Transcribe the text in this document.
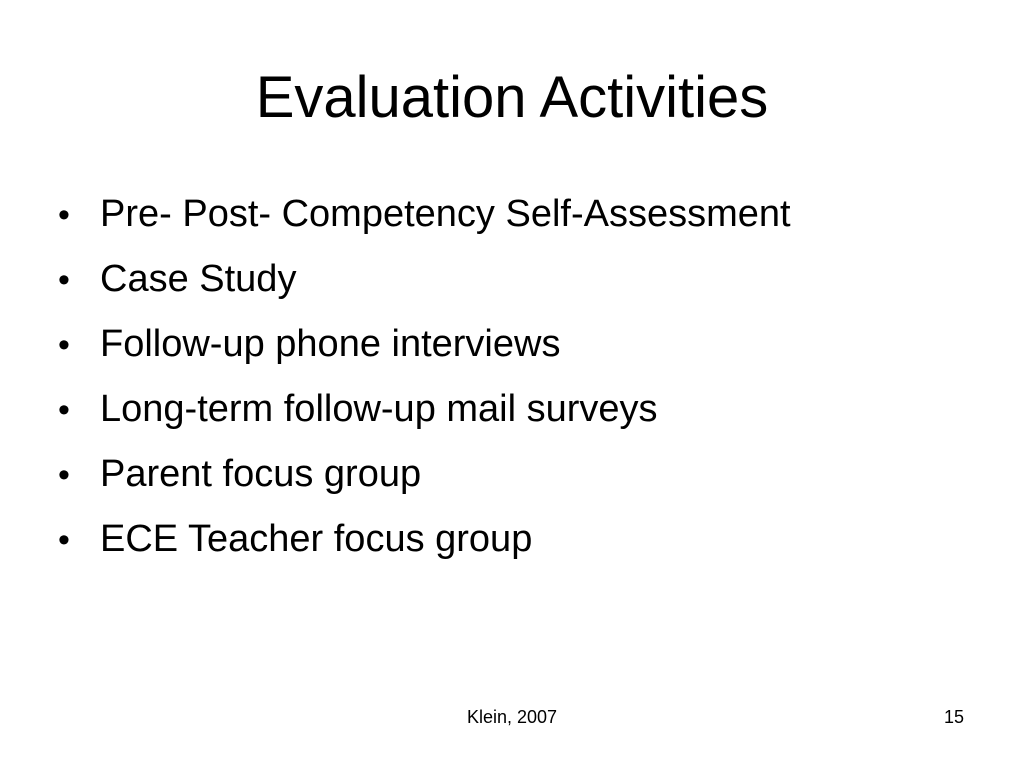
Evaluation Activities
• Pre- Post- Competency Self-Assessment
• Case Study
• Follow-up phone interviews
• Long-term follow-up mail surveys
• Parent focus group
• ECE Teacher focus group
Klein, 2007	15
